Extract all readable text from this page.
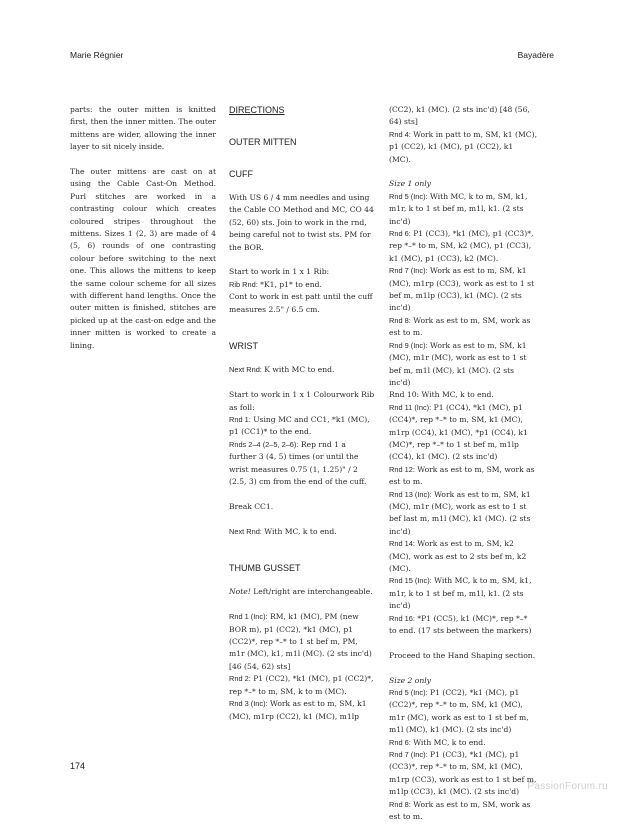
Marie Régnier	Bayadère

parts: the outer mitten is knitted first, then the inner mitten. The outer mittens are wider, allowing the inner layer to sit nicely inside.

The outer mittens are cast on at using the Cable Cast-On Method. Purl stitches are worked in a contrasting colour which creates coloured stripes throughout the mittens. Sizes 1 (2, 3) are made of 4 (5, 6) rounds of one contrasting colour before switching to the next one. This allows the mittens to keep the same colour scheme for all sizes with different hand lengths. Once the outer mitten is finished, stitches are picked up at the cast-on edge and the inner mitten is worked to create a lining.

DIRECTIONS
OUTER MITTEN
CUFF

With US 6 / 4 mm needles and using the Cable CO Method and MC, CO 44 (52, 60) sts. Join to work in the rnd, being careful not to twist sts. PM for the BOR.

Start to work in 1 x 1 Rib:

Rib Rnd: *K1, p1* to end.

Cont to work in est patt until the cuff measures 2.5" / 6.5 cm.

WRIST

Next Rnd: K with MC to end.

Start to work in 1 x 1 Colourwork Rib as foll:

Rnd 1: Using MC and CC1, *k1 (MC), p1 (CC1)* to the end.

Rnds 2–4 (2–5, 2–6): Rep rnd 1 a further 3 (4, 5) times (or until the wrist measures 0.75 (1, 1.25)" / 2 (2.5, 3) cm from the end of the cuff.

Break CC1.

Next Rnd: With MC, k to end.

THUMB GUSSET

Note! Left/right are interchangeable.

Rnd 1 (Inc): RM, k1 (MC), PM (new BOR m), p1 (CC2), *k1 (MC), p1 (CC2)*, rep *–* to 1 st bef m, PM, m1r (MC), k1, m1l (MC). (2 sts inc'd) [46 (54, 62) sts]

Rnd 2: P1 (CC2), *k1 (MC), p1 (CC2)*, rep *–* to m, SM, k to m (MC).

Rnd 3 (Inc): Work as est to m, SM, k1 (MC), m1rp (CC2), k1 (MC), m1lp

(CC2), k1 (MC). (2 sts inc'd) [48 (56, 64) sts]

Rnd 4: Work in patt to m, SM, k1 (MC), p1 (CC2), k1 (MC), p1 (CC2), k1 (MC).

Size 1 only

Rnd 5 (Inc): With MC, k to m, SM, k1, m1r, k to 1 st bef m, m1l, k1. (2 sts inc'd)

Rnd 6: P1 (CC3), *k1 (MC), p1 (CC3)*, rep *–* to m, SM, k2 (MC), p1 (CC3), k1 (MC), p1 (CC3), k2 (MC).

Rnd 7 (Inc): Work as est to m, SM, k1 (MC), m1rp (CC3), work as est to 1 st bef m, m1lp (CC3), k1 (MC). (2 sts inc'd)

Rnd 8: Work as est to m, SM, work as est to m.

Rnd 9 (Inc): Work as est to m, SM, k1 (MC), m1r (MC), work as est to 1 st bef m, m1l (MC), k1 (MC). (2 sts inc'd)

Rnd 10: With MC, k to end.

Rnd 11 (Inc): P1 (CC4), *k1 (MC), p1 (CC4)*, rep *–* to m, SM, k1 (MC), m1rp (CC4), k1 (MC), *p1 (CC4), k1 (MC)*, rep *–* to 1 st bef m, m1lp (CC4), k1 (MC). (2 sts inc'd)

Rnd 12: Work as est to m, SM, work as est to m.

Rnd 13 (Inc): Work as est to m, SM, k1 (MC), m1r (MC), work as est to 1 st bef last m, m1l (MC), k1 (MC). (2 sts inc'd)

Rnd 14: Work as est to m, SM, k2 (MC), work as est to 2 sts bef m, k2 (MC).

Rnd 15 (Inc): With MC, k to m, SM, k1, m1r, k to 1 st bef m, m1l, k1. (2 sts inc'd)

Rnd 16: *P1 (CC5), k1 (MC)*, rep *–* to end. (17 sts between the markers)

Proceed to the Hand Shaping section.

Size 2 only

Rnd 5 (Inc): P1 (CC2), *k1 (MC), p1 (CC2)*, rep *–* to m, SM, k1 (MC), m1r (MC), work as est to 1 st bef m, m1l (MC), k1 (MC). (2 sts inc'd)

Rnd 6: With MC, k to end.

Rnd 7 (Inc): P1 (CC3), *k1 (MC), p1 (CC3)*, rep *–* to m, SM, k1 (MC), m1rp (CC3), work as est to 1 st bef m, m1lp (CC3), k1 (MC). (2 sts inc'd)

Rnd 8: Work as est to m, SM, work as est to m.

174
PassionForum.ru
